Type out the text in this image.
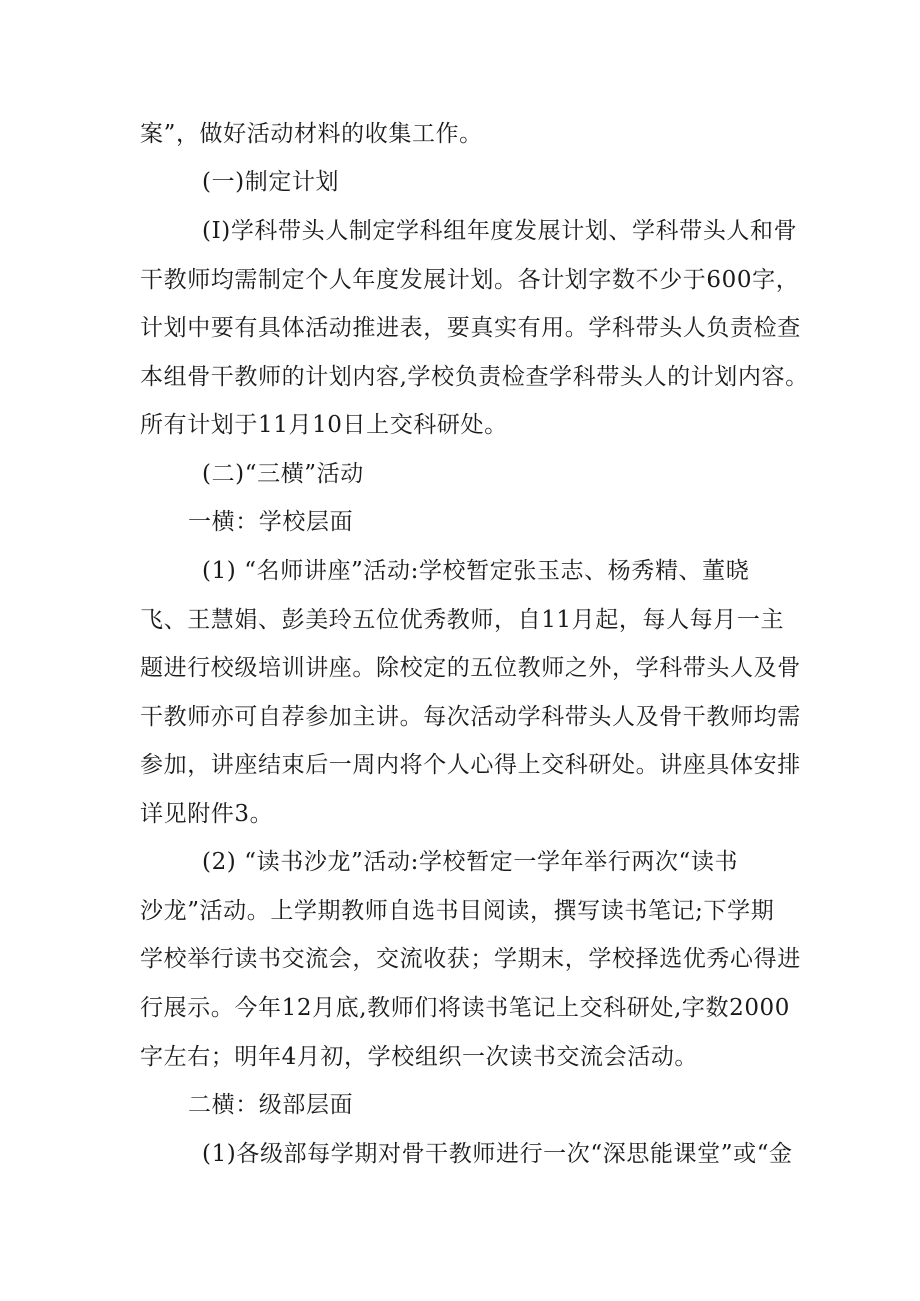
案”，做好活动材料的收集工作。
(一)制定计划
(I)学科带头人制定学科组年度发展计划、学科带头人和骨
干教师均需制定个人年度发展计划。各计划字数不少于600字，
计划中要有具体活动推进表，要真实有用。学科带头人负责检查
本组骨干教师的计划内容,学校负责检查学科带头人的计划内容。
所有计划于11月10日上交科研处。
(二)“三横”活动
一横：学校层面
(1) “名师讲座”活动:学校暂定张玉志、杨秀精、董晓
飞、王慧娟、彭美玲五位优秀教师，自11月起，每人每月一主
题进行校级培训讲座。除校定的五位教师之外，学科带头人及骨
干教师亦可自荐参加主讲。每次活动学科带头人及骨干教师均需
参加，讲座结束后一周内将个人心得上交科研处。讲座具体安排
详见附件3。
(2) “读书沙龙”活动:学校暂定一学年举行两次“读书
沙龙”活动。上学期教师自选书目阅读，撰写读书笔记;下学期
学校举行读书交流会，交流收获；学期末，学校择选优秀心得进
行展示。今年12月底,教师们将读书笔记上交科研处,字数2000
字左右；明年4月初，学校组织一次读书交流会活动。
二横：级部层面
(1)各级部每学期对骨干教师进行一次“深思能课堂”或“金
